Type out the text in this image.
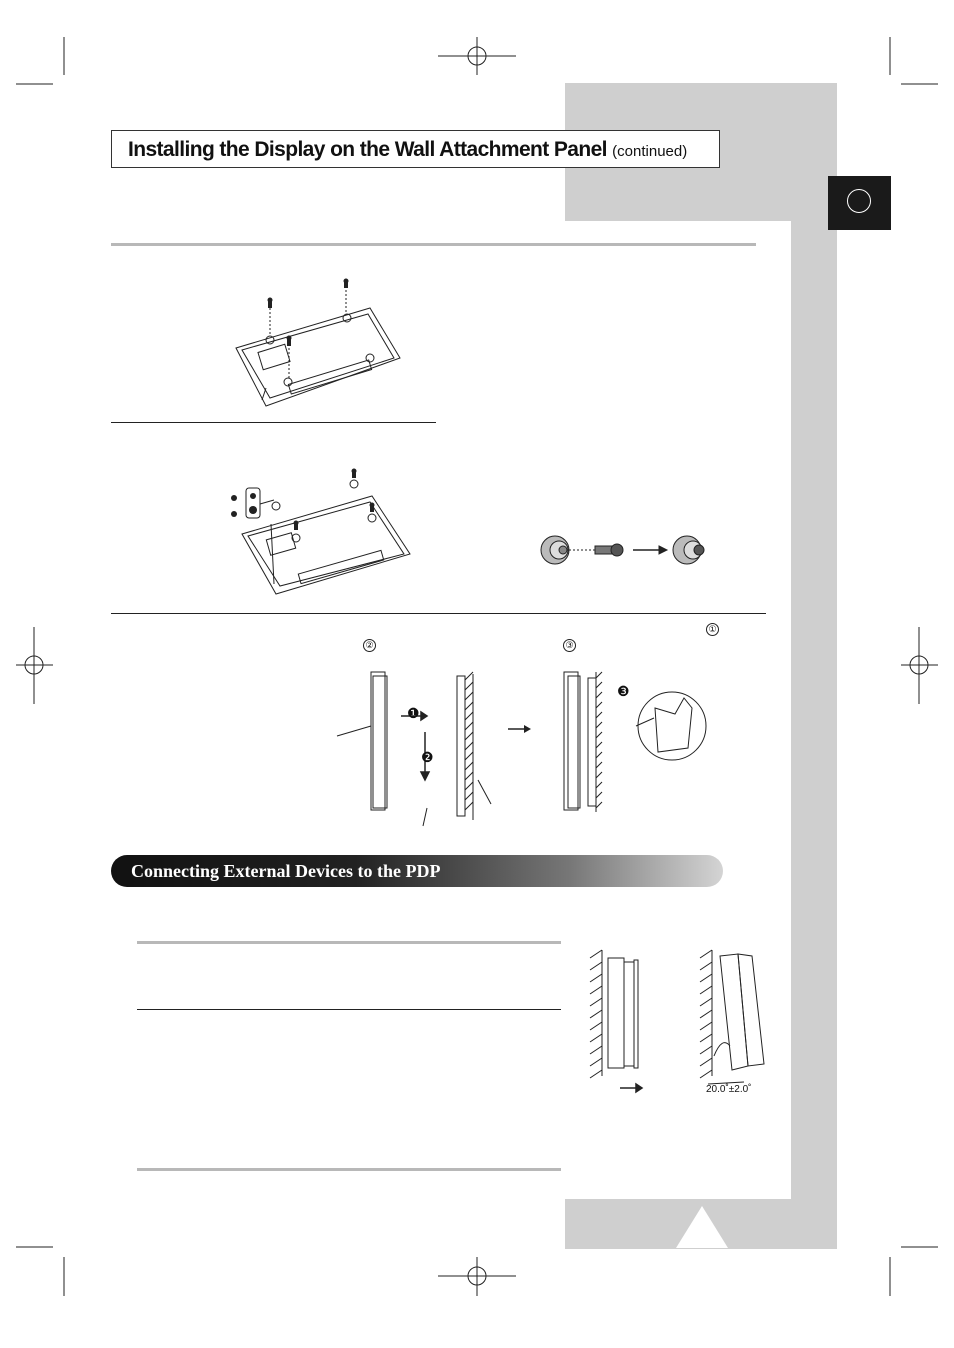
Installing the Display on the Wall Attachment Panel (continued)
①
②	③
❶
❷
❸
Connecting External Devices to the PDP
20.0˚±2.0˚
